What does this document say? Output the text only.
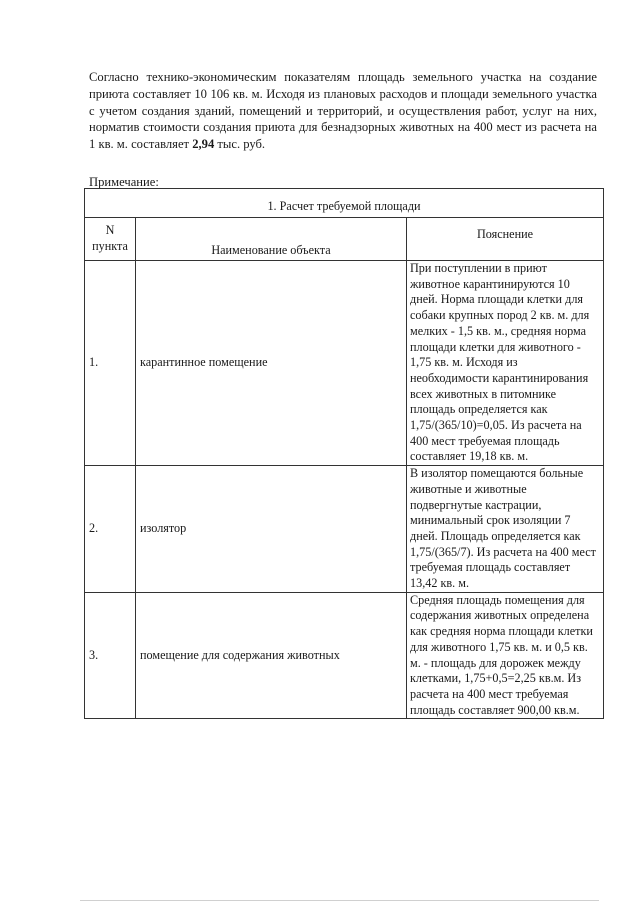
Согласно технико-экономическим показателям площадь земельного участка на создание приюта составляет 10 106 кв. м. Исходя из плановых расходов и площади земельного участка с учетом создания зданий, помещений и территорий, и осуществления работ, услуг на них, норматив стоимости создания приюта для безнадзорных животных на 400 мест из расчета на 1 кв. м. составляет 2,94 тыс. руб.
Примечание:
1. Расчет требуемой площади		
N пункта	Наименование объекта	Пояснение
1.	карантинное помещение	При поступлении в приют животное карантинируются 10 дней. Норма площади клетки для собаки крупных пород 2 кв. м. для мелких - 1,5 кв. м., средняя норма площади клетки для животного - 1,75 кв. м. Исходя из необходимости карантинирования всех животных в питомнике площадь определяется как 1,75/(365/10)=0,05. Из расчета на 400 мест требуемая площадь составляет 19,18 кв. м.
2.	изолятор	В изолятор помещаются больные животные и животные подвергнутые кастрации, минимальный срок изоляции 7 дней. Площадь определяется как 1,75/(365/7). Из расчета на 400 мест требуемая площадь составляет 13,42 кв. м.
3.	помещение для содержания животных	Средняя площадь помещения для содержания животных определена как средняя норма площади клетки для животного 1,75 кв. м. и 0,5 кв. м. - площадь для дорожек между клетками, 1,75+0,5=2,25 кв.м. Из расчета на 400 мест требуемая площадь составляет 900,00 кв.м.
